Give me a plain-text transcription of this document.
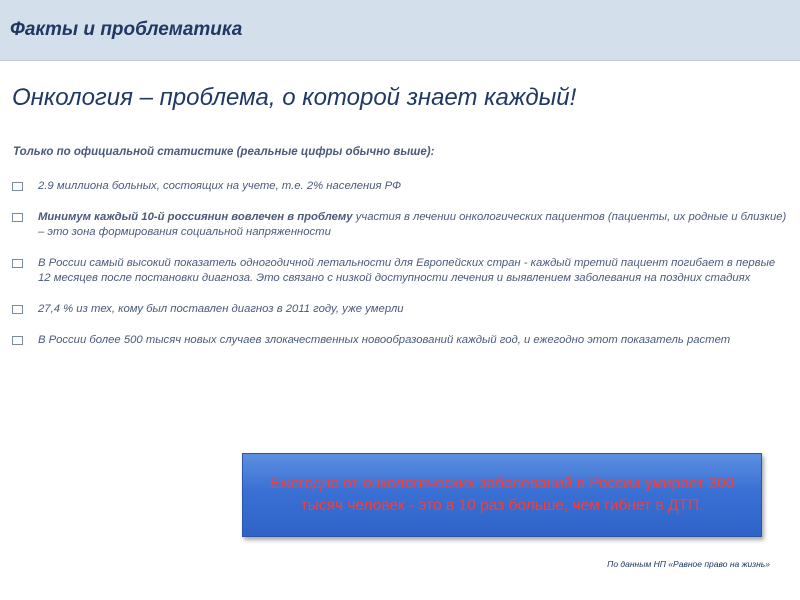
Факты и проблематика
Онкология – проблема, о которой знает каждый!
Только по официальной статистике (реальные цифры обычно выше):
2.9 миллиона больных, состоящих на учете, т.е. 2% населения РФ
Минимум каждый 10-й россиянин вовлечен в проблему участия в лечении онкологических пациентов (пациенты, их родные и близкие) – это зона формирования социальной напряженности
В России самый высокий показатель одногодичной летальности для Европейских стран - каждый третий пациент погибает в первые 12 месяцев после постановки диагноза. Это связано с низкой доступности лечения и выявлением заболевания на поздних стадиях
27,4 % из тех, кому был поставлен диагноз в 2011 году, уже умерли
В России более 500 тысяч новых случаев злокачественных новообразований каждый год, и ежегодно этот показатель растет
Ежегодно от онкологических заболеваний в России умирает 300 тысяч человек - это в 10 раз больше, чем гибнет в ДТП.
По данным НП «Равное право на жизнь»
